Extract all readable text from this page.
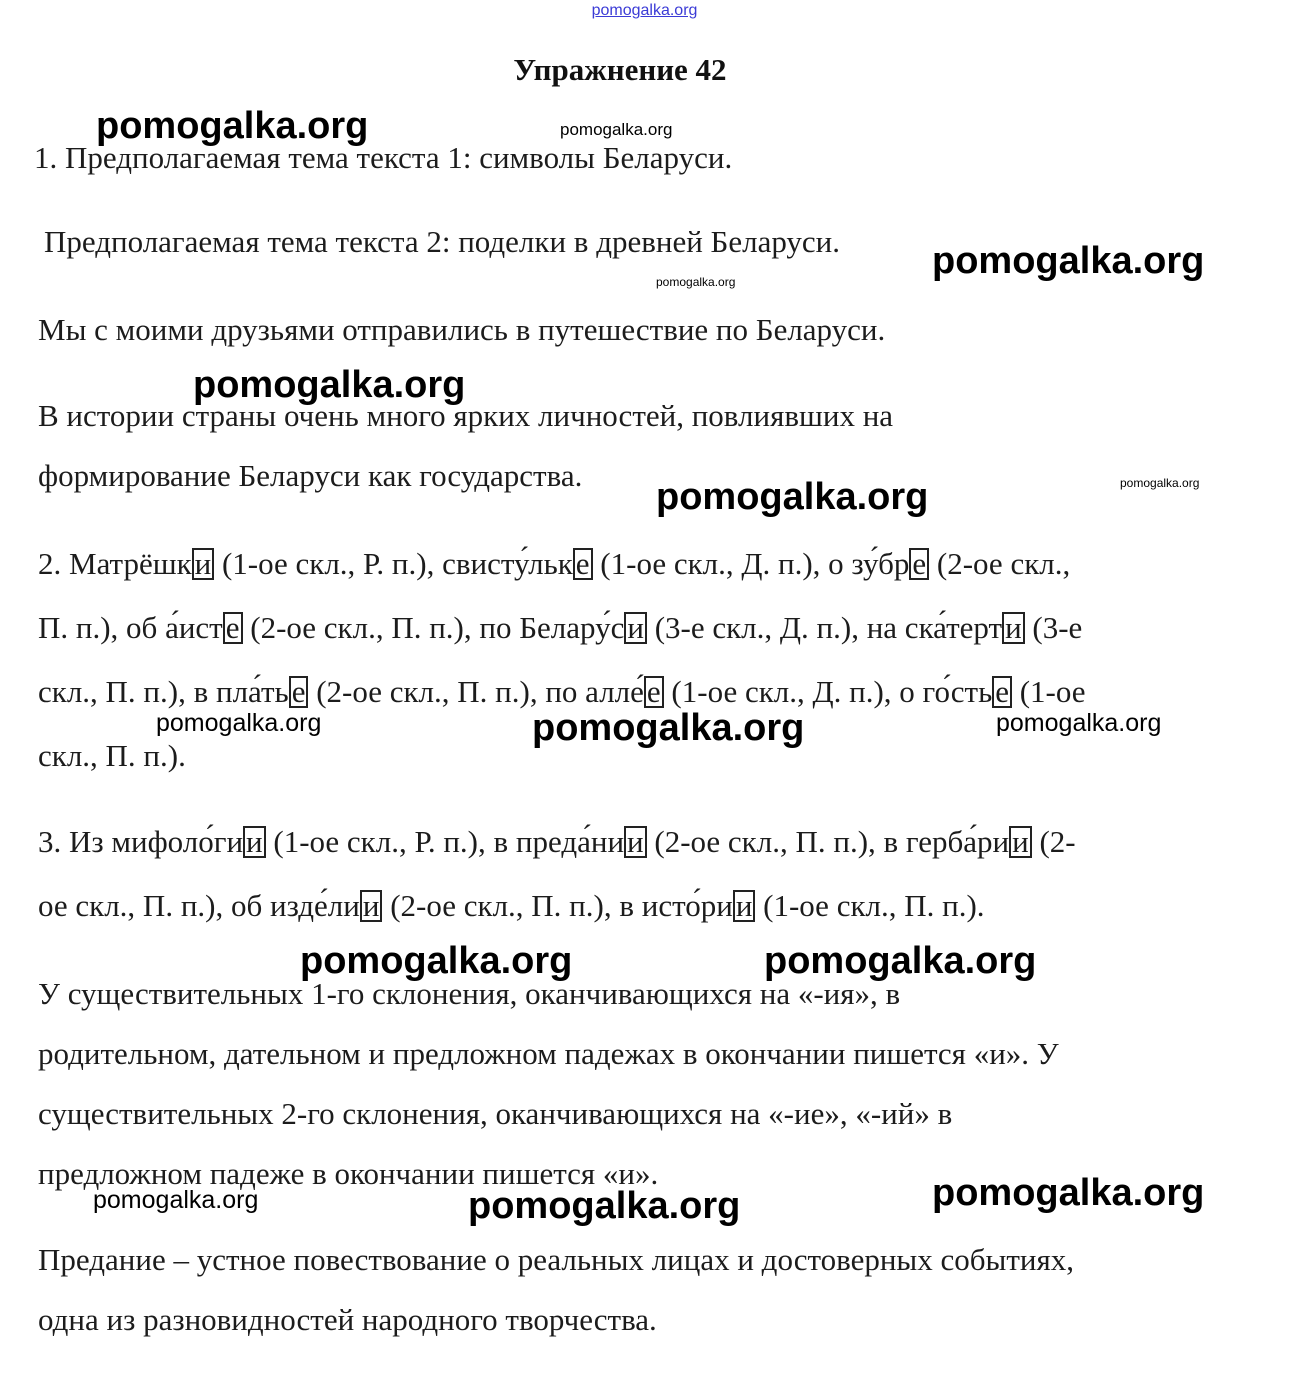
pomogalka.org
Упражнение 42
1. Предполагаемая тема текста 1: символы Беларуси.
Предполагаемая тема текста 2: поделки в древней Беларуси.
Мы с моими друзьями отправились в путешествие по Беларуси.
В истории страны очень много ярких личностей, повлиявших на
формирование Беларуси как государства.
2. Матрёшки (1-ое скл., Р. п.), свисту́льке (1-ое скл., Д. п.), о зу́бре (2-ое скл.,
П. п.), об а́исте (2-ое скл., П. п.), по Белару́си (3-е скл., Д. п.), на ска́терти (3-е
скл., П. п.), в пла́тье (2-ое скл., П. п.), по алле́е (1-ое скл., Д. п.), о го́стье (1-ое
скл., П. п.).
3. Из мифоло́гии (1-ое скл., Р. п.), в преда́нии (2-ое скл., П. п.), в герба́рии (2-
ое скл., П. п.), об изде́лии (2-ое скл., П. п.), в исто́рии (1-ое скл., П. п.).
У существительных 1-го склонения, оканчивающихся на «-ия», в
родительном, дательном и предложном падежах в окончании пишется «и». У
существительных 2-го склонения, оканчивающихся на «-ие», «-ий» в
предложном падеже в окончании пишется «и».
Предание – устное повествование о реальных лицах и достоверных событиях,
одна из разновидностей народного творчества.
pomogalka.org	pomogalka.org
pomogalka.org
pomogalka.org
pomogalka.org
pomogalka.org	pomogalka.org
pomogalka.org	pomogalka.org	pomogalka.org
pomogalka.org	pomogalka.org
pomogalka.org	pomogalka.org	pomogalka.org
